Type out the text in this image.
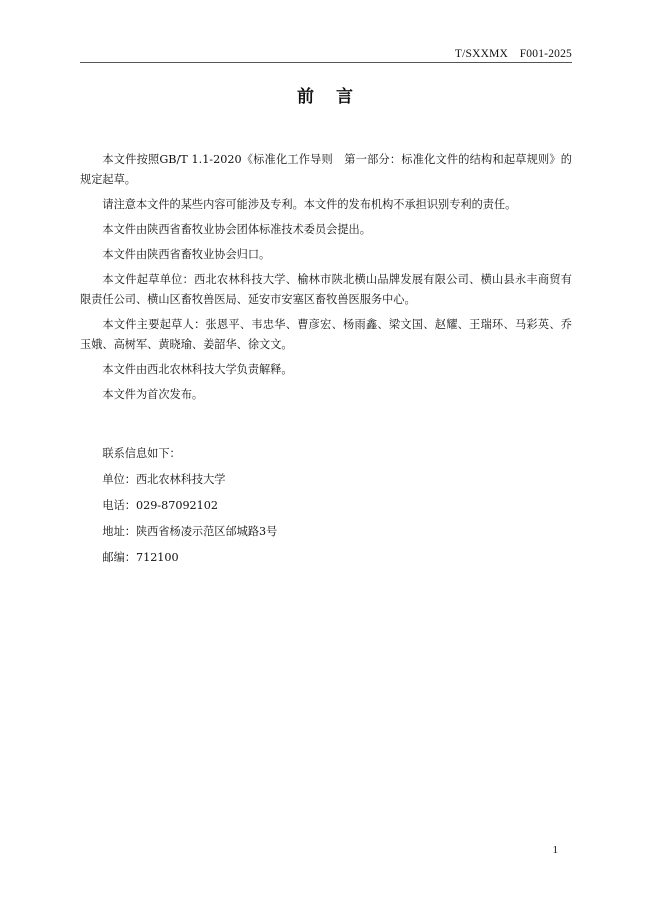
T/SXXMX　F001-2025
前言

本文件按照GB/T 1.1-2020《标准化工作导则　第一部分：标准化文件的结构和起草规则》的规定起草。

请注意本文件的某些内容可能涉及专利。本文件的发布机构不承担识别专利的责任。

本文件由陕西省畜牧业协会团体标准技术委员会提出。

本文件由陕西省畜牧业协会归口。

本文件起草单位：西北农林科技大学、榆林市陕北横山品牌发展有限公司、横山县永丰商贸有限责任公司、横山区畜牧兽医局、延安市安塞区畜牧兽医服务中心。

本文件主要起草人：张恩平、韦忠华、曹彦宏、杨雨鑫、梁文国、赵耀、王瑞环、马彩英、乔玉娥、高树军、黄晓瑜、姜韶华、徐文文。

本文件由西北农林科技大学负责解释。

本文件为首次发布。

联系信息如下：

单位：西北农林科技大学

电话：029-87092102

地址：陕西省杨凌示范区邰城路3号

邮编：712100

1
